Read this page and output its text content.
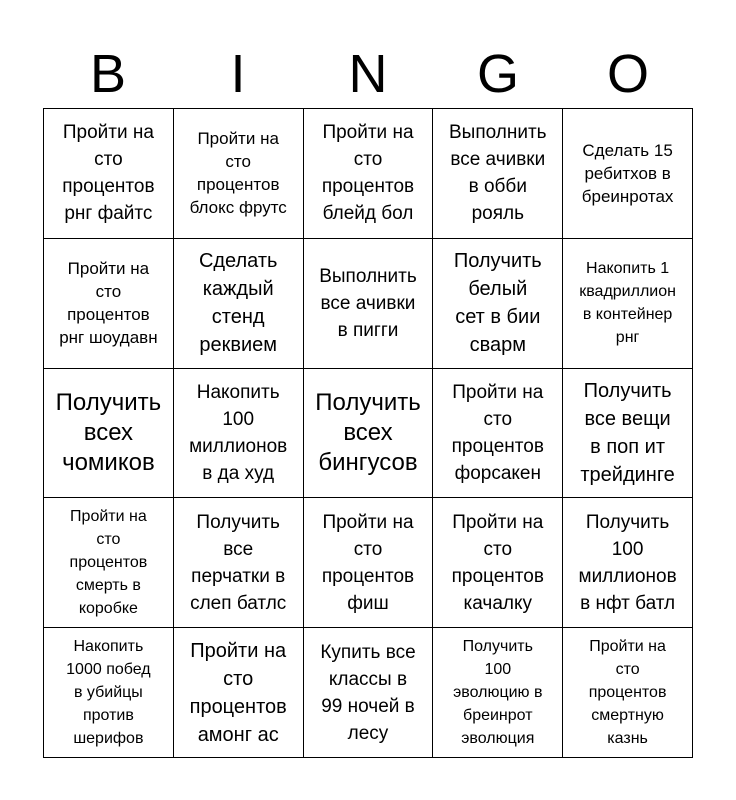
B	I	N	G	O
Пройти на
сто
процентов
рнг файтс
Пройти на
сто
процентов
блокс фрутс
Пройти на
сто
процентов
блейд бол
Выполнить
все ачивки
в обби
рояль
Сделать 15
ребитхов в
бреинротах
Пройти на
сто
процентов
рнг шоудавн
Сделать
каждый
стенд
реквием
Выполнить
все ачивки
в пигги
Получить
белый
сет в бии
сварм
Накопить 1
квадриллион
в контейнер
рнг
Получить
всех
чомиков
Накопить
100
миллионов
в да худ
Получить
всех
бингусов
Пройти на
сто
процентов
форсакен
Получить
все вещи
в поп ит
трейдинге
Пройти на
сто
процентов
смерть в
коробке
Получить
все
перчатки в
слеп батлс
Пройти на
сто
процентов
фиш
Пройти на
сто
процентов
качалку
Получить
100
миллионов
в нфт батл
Накопить
1000 побед
в убийцы
против
шерифов
Пройти на
сто
процентов
амонг ас
Купить все
классы в
99 ночей в
лесу
Получить
100
эволюцию в
бреинрот
эволюция
Пройти на
сто
процентов
смертную
казнь
